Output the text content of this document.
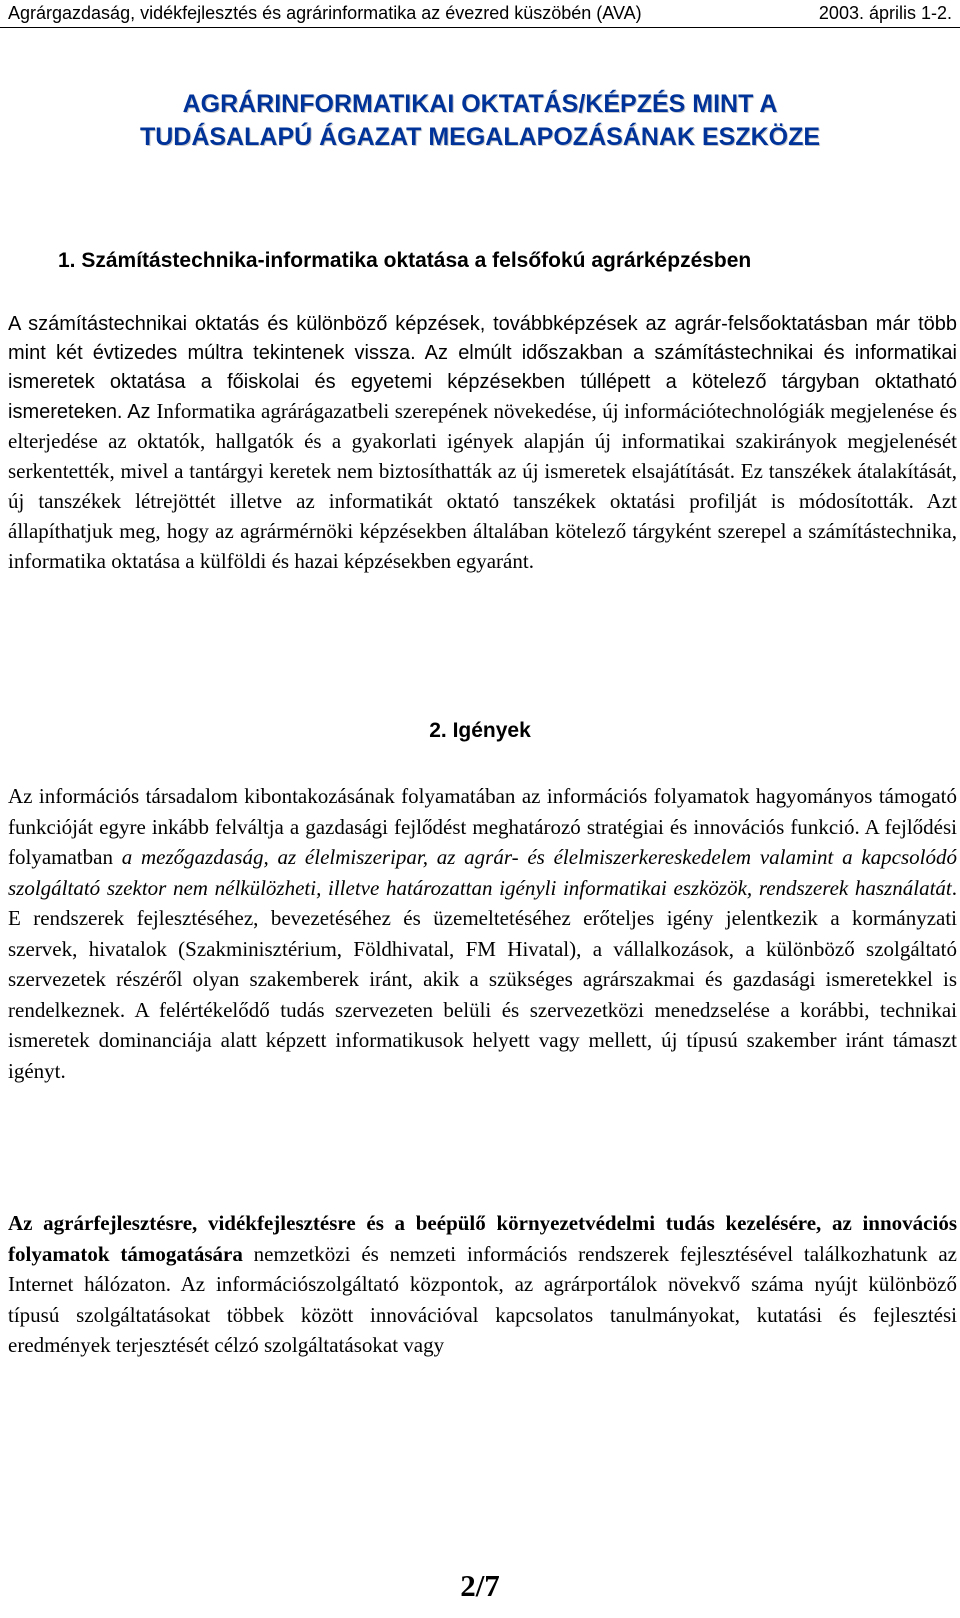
Agrárgazdaság, vidékfejlesztés és agrárinformatika az évezred küszöbén (AVA)	2003. április 1-2.
AGRÁRINFORMATIKAI OKTATÁS/KÉPZÉS MINT A
TUDÁSALAPÚ ÁGAZAT MEGALAPOZÁSÁNAK ESZKÖZE
1. Számítástechnika-informatika oktatása a felsőfokú agrárképzésben
A számítástechnikai oktatás és különböző képzések, továbbképzések az agrár-felsőoktatásban már több mint két évtizedes múltra tekintenek vissza. Az elmúlt időszakban a számítástechnikai és informatikai ismeretek oktatása a főiskolai és egyetemi képzésekben túllépett a kötelező tárgyban oktatható ismereteken. Az Informatika agrárágazatbeli szerepének növekedése, új információtechnológiák megjelenése és elterjedése az oktatók, hallgatók és a gyakorlati igények alapján új informatikai szakirányok megjelenését serkentették, mivel a tantárgyi keretek nem biztosíthatták az új ismeretek elsajátítását. Ez tanszékek átalakítását, új tanszékek létrejöttét illetve az informatikát oktató tanszékek oktatási profilját is módosították. Azt állapíthatjuk meg, hogy az agrármérnöki képzésekben általában kötelező tárgyként szerepel a számítástechnika, informatika oktatása a külföldi és hazai képzésekben egyaránt.
2. Igények

Az információs társadalom kibontakozásának folyamatában az információs folyamatok hagyományos támogató funkcióját egyre inkább felváltja a gazdasági fejlődést meghatározó stratégiai és innovációs funkció. A fejlődési folyamatban a mezőgazdaság, az élelmiszeripar, az agrár- és élelmiszerkereskedelem valamint a kapcsolódó szolgáltató szektor nem nélkülözheti, illetve határozattan igényli informatikai eszközök, rendszerek használatát. E rendszerek fejlesztéséhez, bevezetéséhez és üzemeltetéséhez erőteljes igény jelentkezik a kormányzati szervek, hivatalok (Szakminisztérium, Földhivatal, FM Hivatal), a vállalkozások, a különböző szolgáltató szervezetek részéről olyan szakemberek iránt, akik a szükséges agrárszakmai és gazdasági ismeretekkel is rendelkeznek. A felértékelődő tudás szervezeten belüli és szervezetközi menedzselése a korábbi, technikai ismeretek dominanciája alatt képzett informatikusok helyett vagy mellett, új típusú szakember iránt támaszt igényt.

Az agrárfejlesztésre, vidékfejlesztésre és a beépülő környezetvédelmi tudás kezelésére, az innovációs folyamatok támogatására nemzetközi és nemzeti információs rendszerek fejlesztésével találkozhatunk az Internet hálózaton. Az információszolgáltató központok, az agrárportálok növekvő száma nyújt különböző típusú szolgáltatásokat többek között innovációval kapcsolatos tanulmányokat, kutatási és fejlesztési eredmények terjesztését célzó szolgáltatásokat vagy

2/7
